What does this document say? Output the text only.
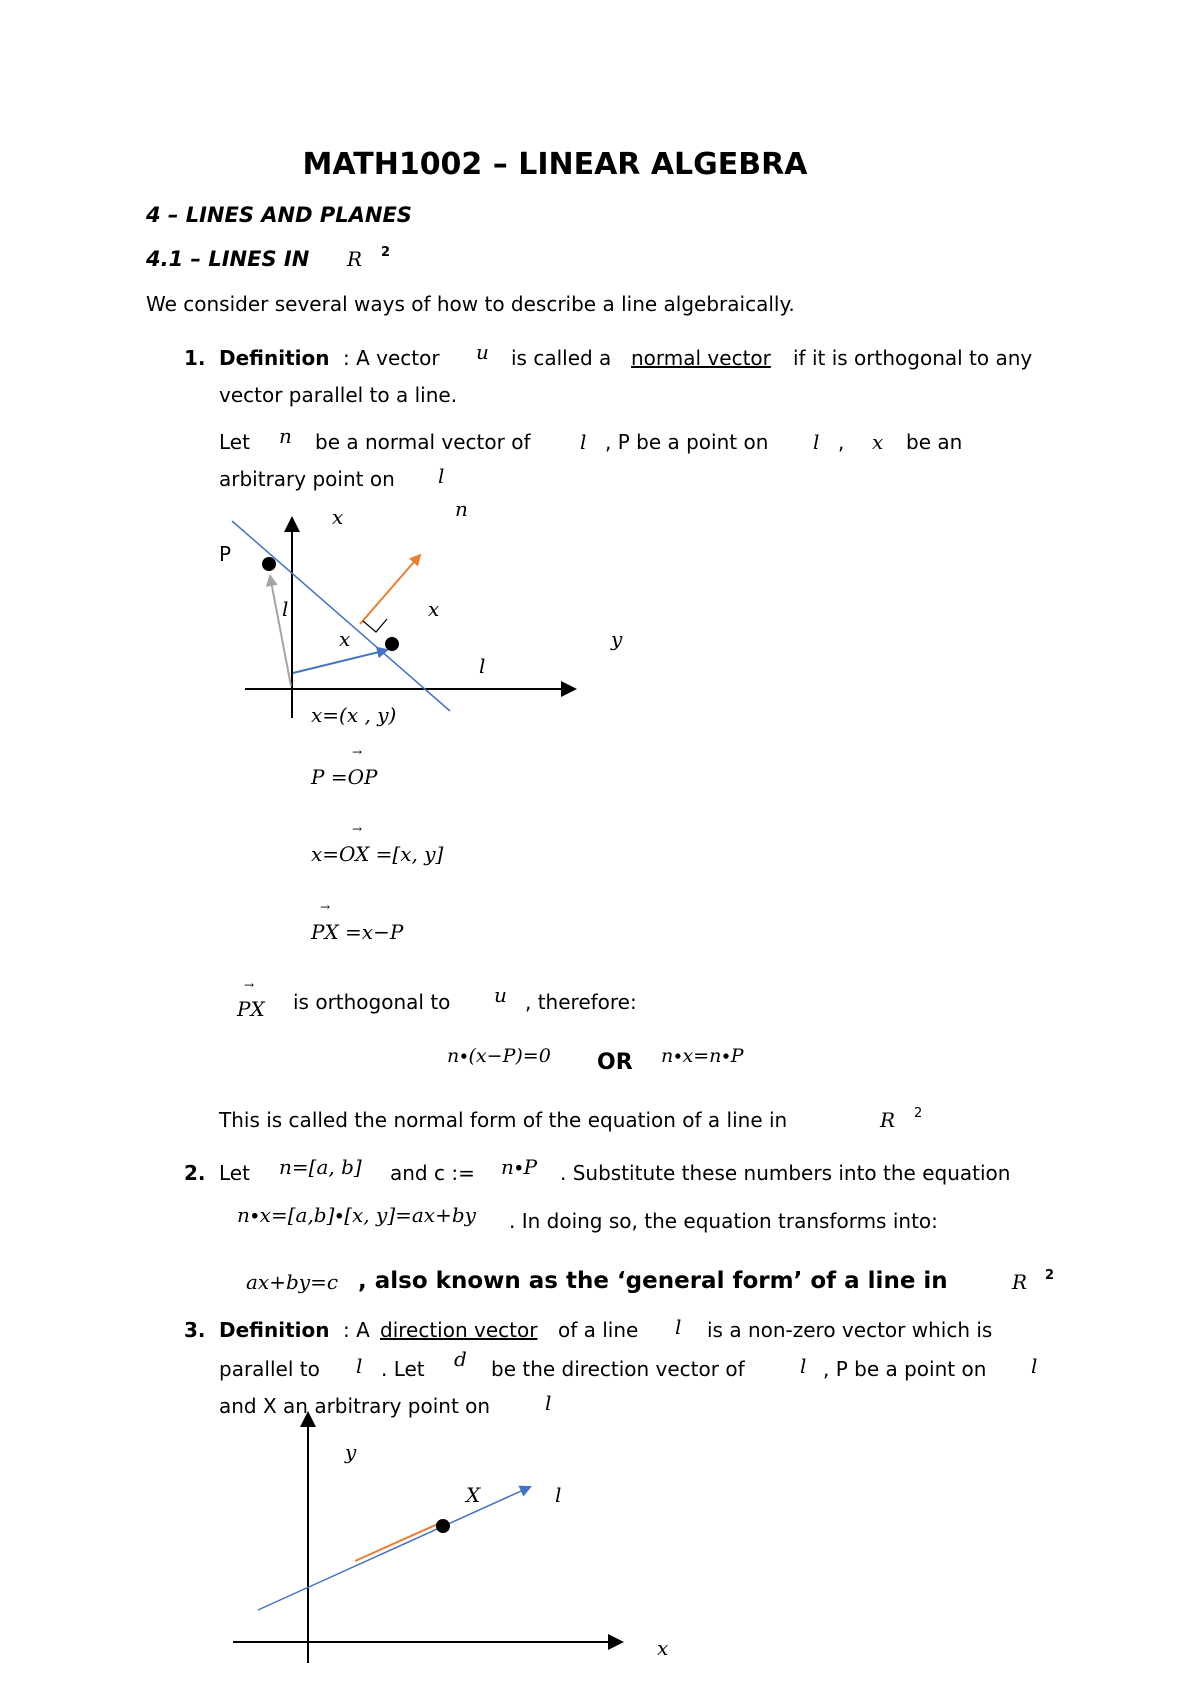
MATH1002 – LINEAR ALGEBRA
4 – LINES AND PLANES
4.1 – LINES IN R 2
We consider several ways of how to describe a line algebraically.
1. Definition : A vector u is called a normal vector if it is orthogonal to any
vector parallel to a line.
Let n be a normal vector of l , P be a point on l , x be an
arbitrary point on l
x	n
P
l
x
x
y
l
x=(x , y)
→
P =OP
→
x=OX =[x, y]
→
PX =x−P
→
PX is orthogonal to u , therefore:
n∙(x−P)=0 OR n∙x=n∙P
This is called the normal form of the equation of a line in	R 2
2. Let n=[a, b] and c := n∙P . Substitute these numbers into the equation
n∙x=[a,b]∙[x, y]=ax+by . In doing so, the equation transforms into:
ax+by=c , also known as the ‘general form’ of a line in	R 2
3. Definition : A direction vector of a line l is a non-zero vector which is
parallel to l . Let d be the direction vector of	l , P be a point on l
and X an arbitrary point on	l
y
X	l
x
